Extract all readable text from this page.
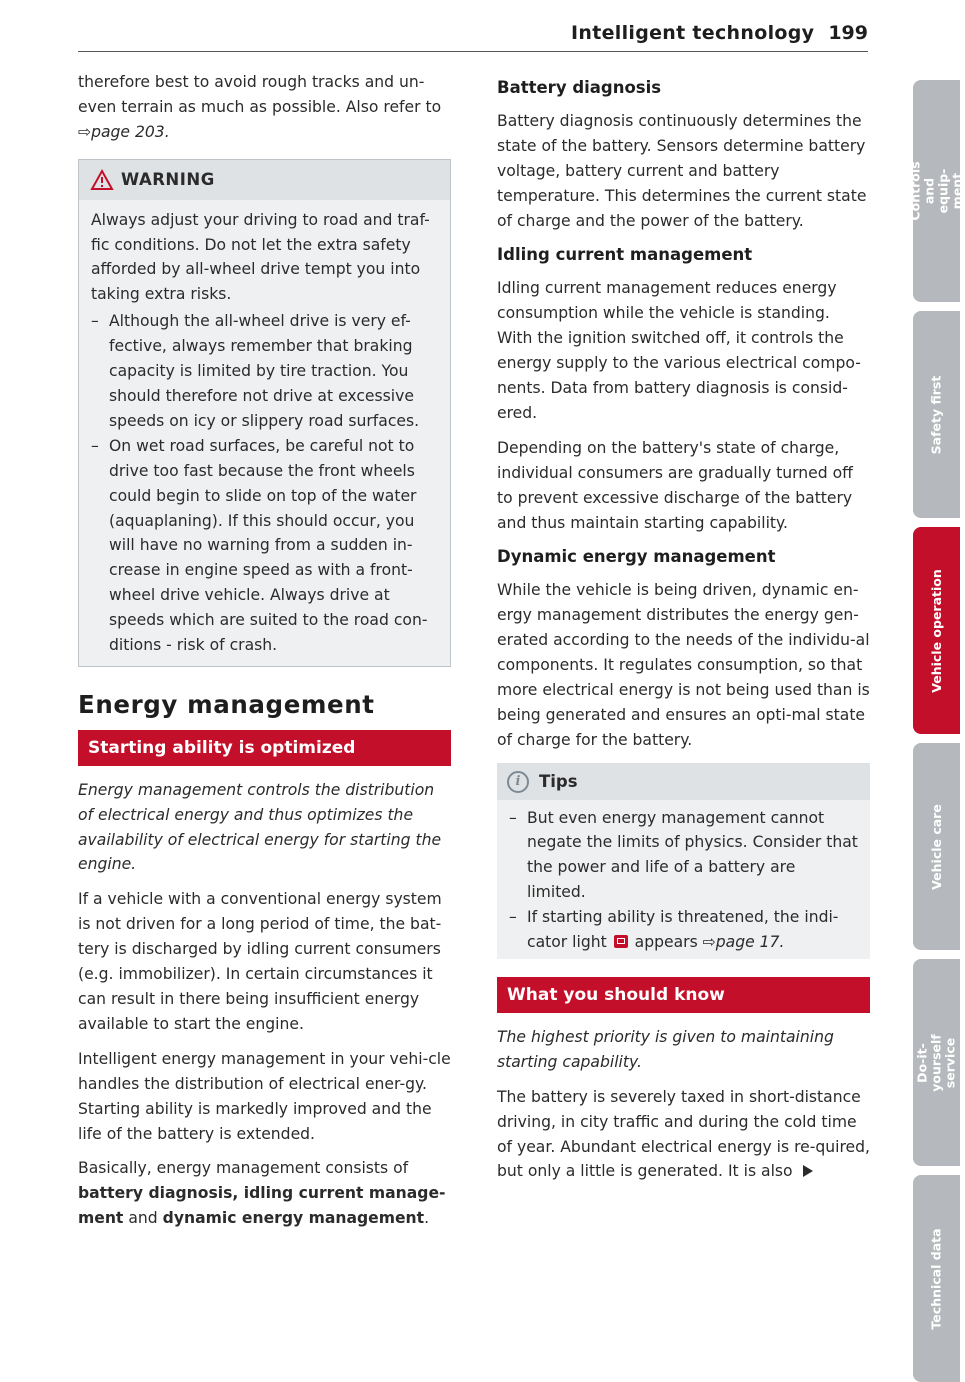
Intelligent technology 199

therefore best to avoid rough tracks and un-even terrain as much as possible. Also refer to
⇨page 203.

WARNING

Always adjust your driving to road and traf-fic conditions. Do not let the extra safety afforded by all-wheel drive tempt you into taking extra risks.

– Although the all-wheel drive is very ef-fective, always remember that braking capacity is limited by tire traction. You should therefore not drive at excessive speeds on icy or slippery road surfaces.
– On wet road surfaces, be careful not to drive too fast because the front wheels could begin to slide on top of the water (aquaplaning). If this should occur, you will have no warning from a sudden in-crease in engine speed as with a front-wheel drive vehicle. Always drive at speeds which are suited to the road con-ditions - risk of crash.
Energy management
Starting ability is optimized

Energy management controls the distribution of electrical energy and thus optimizes the availability of electrical energy for starting the engine.

If a vehicle with a conventional energy system is not driven for a long period of time, the bat-tery is discharged by idling current consumers (e.g. immobilizer). In certain circumstances it can result in there being insufficient energy available to start the engine.

Intelligent energy management in your vehi-cle handles the distribution of electrical ener-gy. Starting ability is markedly improved and the life of the battery is extended.

Basically, energy management consists of battery diagnosis, idling current manage-ment and dynamic energy management.

Battery diagnosis

Battery diagnosis continuously determines the state of the battery. Sensors determine battery voltage, battery current and battery temperature. This determines the current state of charge and the power of the battery.

Idling current management

Idling current management reduces energy consumption while the vehicle is standing. With the ignition switched off, it controls the energy supply to the various electrical compo-nents. Data from battery diagnosis is consid-ered.

Depending on the battery's state of charge, individual consumers are gradually turned off to prevent excessive discharge of the battery and thus maintain starting capability.

Dynamic energy management

While the vehicle is being driven, dynamic en-ergy management distributes the energy gen-erated according to the needs of the individu-al components. It regulates consumption, so that more electrical energy is not being used than is being generated and ensures an opti-mal state of charge for the battery.

i	Tips
– But even energy management cannot negate the limits of physics. Consider that the power and life of a battery are limited.
– If starting ability is threatened, the indi-cator light appears ⇨page 17.
What you should know

The highest priority is given to maintaining starting capability.

The battery is severely taxed in short-distance driving, in city traffic and during the cold time of year. Abundant electrical energy is re-quired, but only a little is generated. It is also

Controls and equip-ment
Safety first
Vehicle operation
Vehicle care
Do-it-yourself service
Technical data
